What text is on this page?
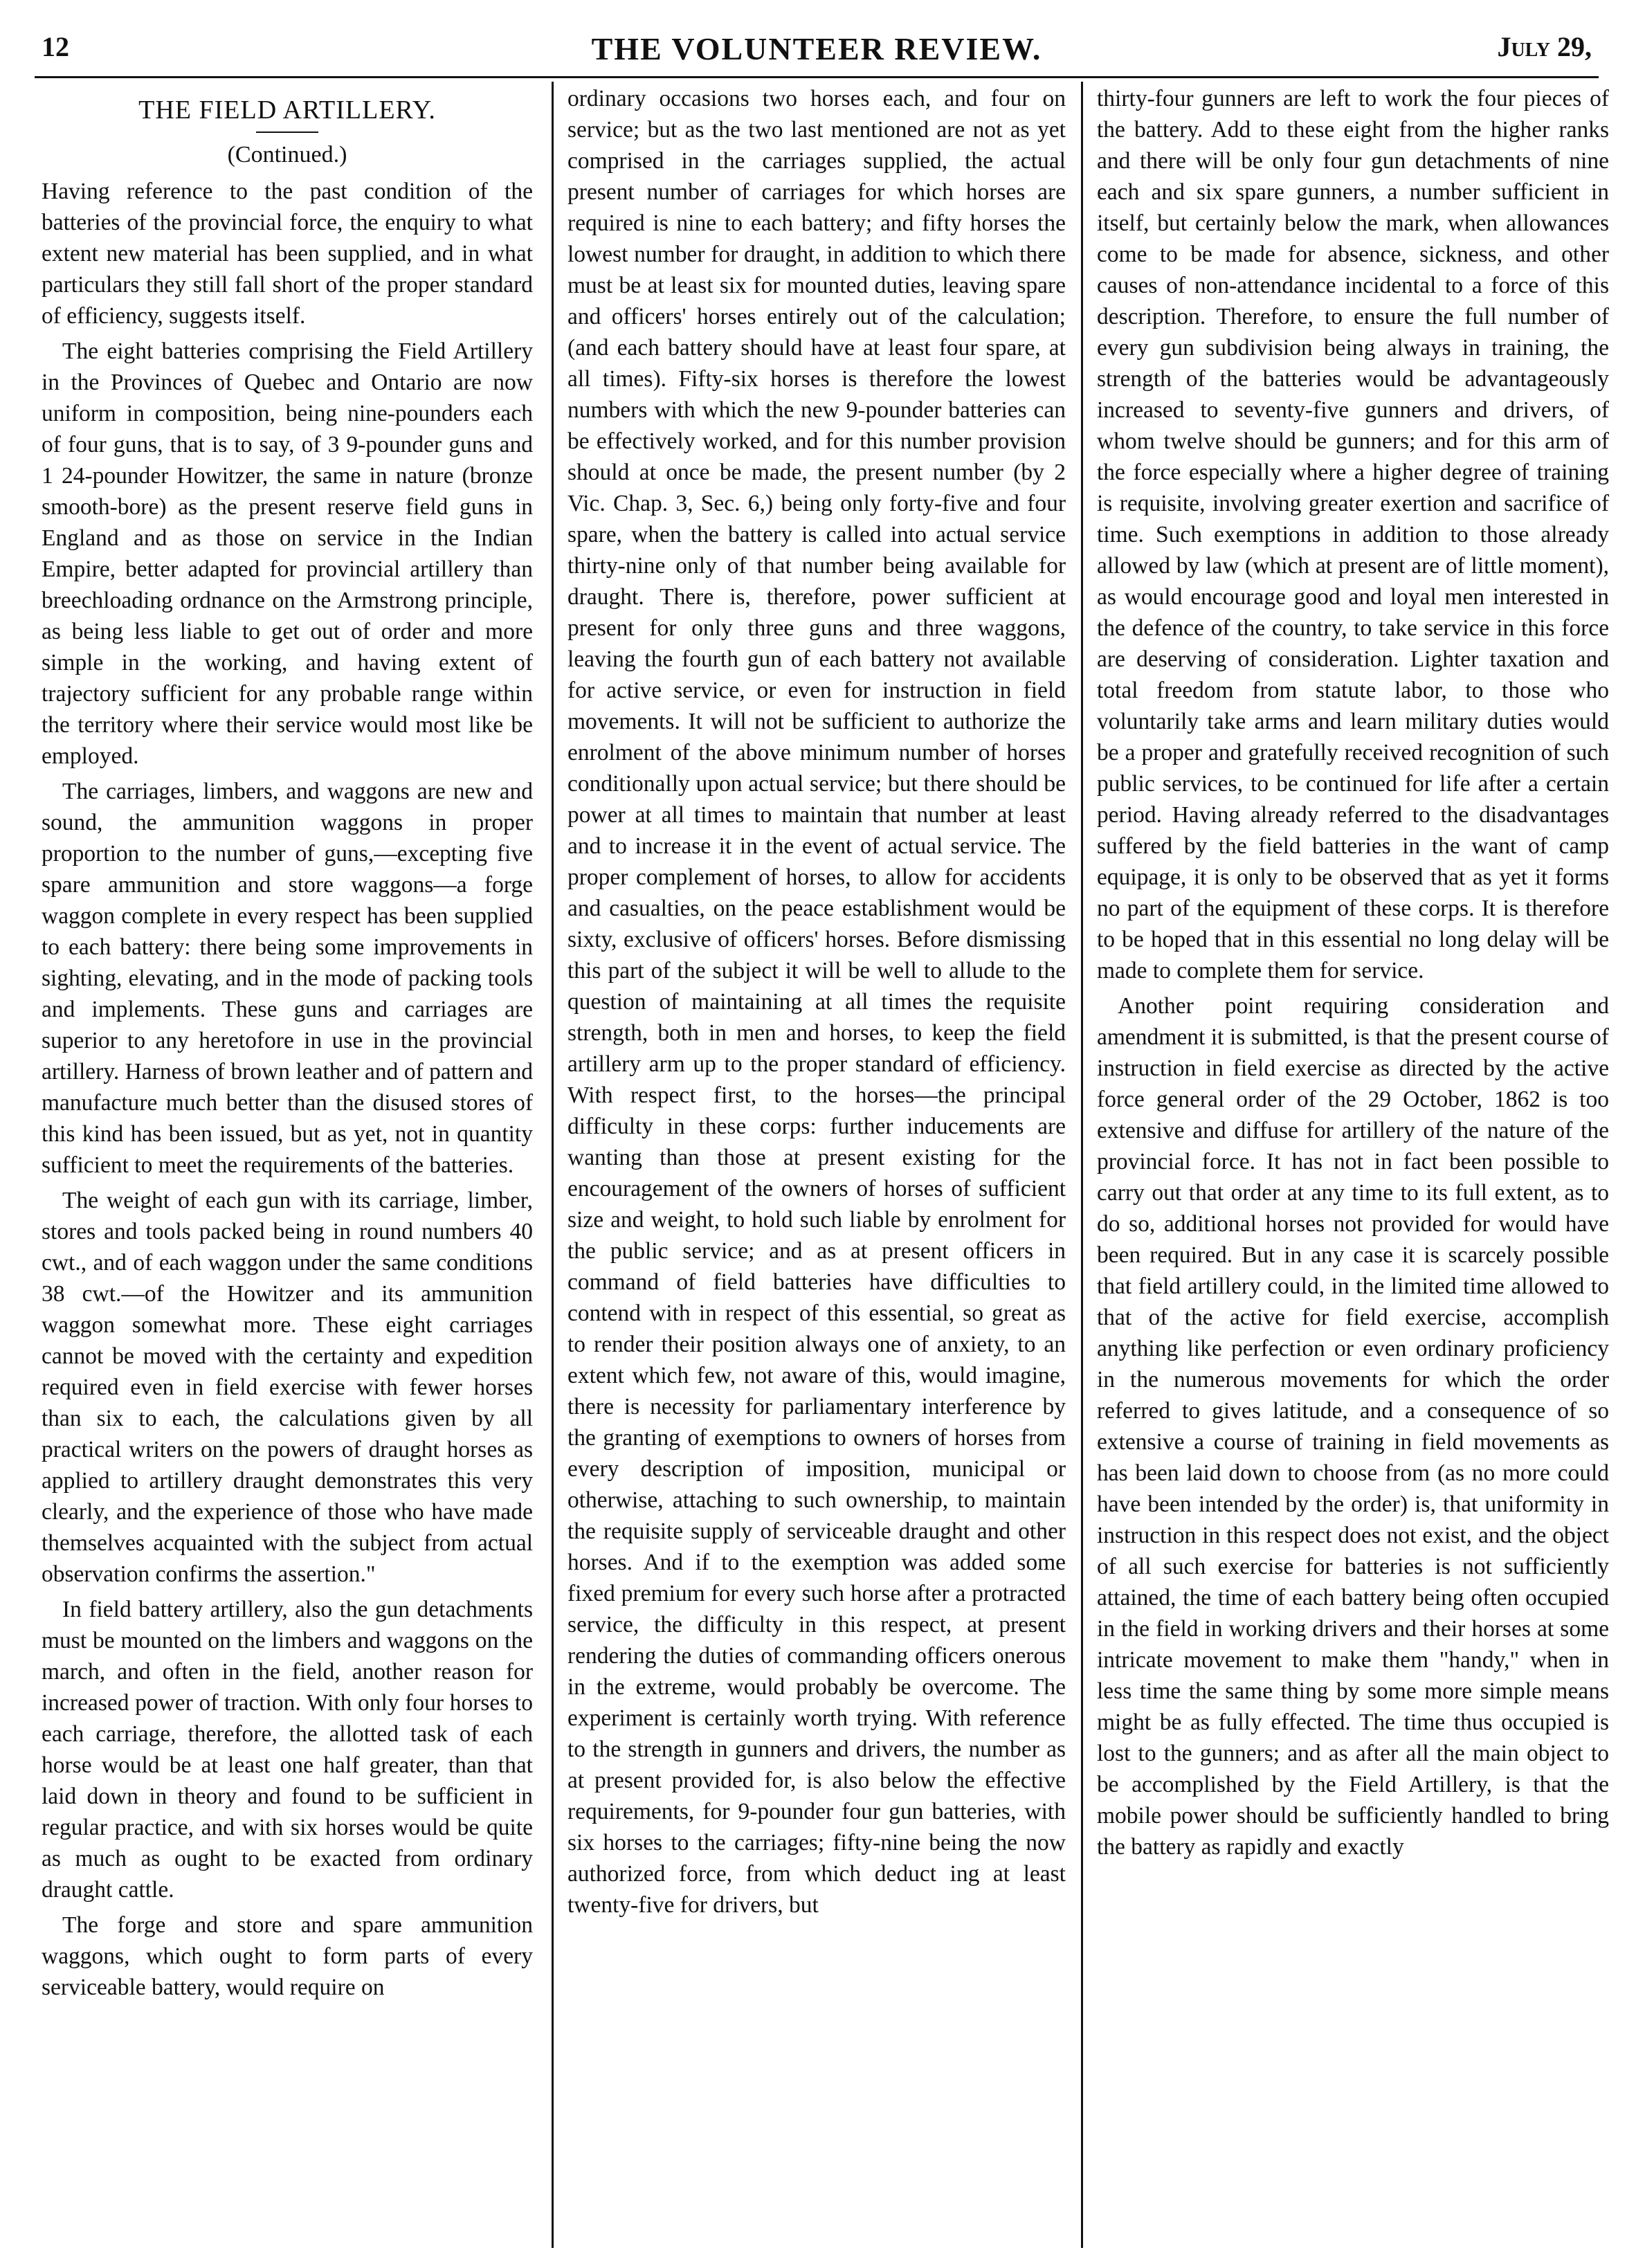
12	THE VOLUNTEER REVIEW.	July 29,
THE FIELD ARTILLERY.
(Continued.)

Having reference to the past condition of the batteries of the provincial force, the enquiry to what extent new material has been supplied, and in what particulars they still fall short of the proper standard of efficiency, suggests itself.

The eight batteries comprising the Field Artillery in the Provinces of Quebec and Ontario are now uniform in composition, being nine-pounders each of four guns, that is to say, of 3 9-pounder guns and 1 24-pounder Howitzer, the same in nature (bronze smooth-bore) as the present reserve field guns in England and as those on service in the Indian Empire, better adapted for provincial artillery than breechloading ordnance on the Armstrong principle, as being less liable to get out of order and more simple in the working, and having extent of trajectory sufficient for any probable range within the territory where their service would most like be employed.

The carriages, limbers, and waggons are new and sound, the ammunition waggons in proper proportion to the number of guns,—excepting five spare ammunition and store waggons—a forge waggon complete in every respect has been supplied to each battery: there being some improvements in sighting, elevating, and in the mode of packing tools and implements. These guns and carriages are superior to any heretofore in use in the provincial artillery. Harness of brown leather and of pattern and manufacture much better than the disused stores of this kind has been issued, but as yet, not in quantity sufficient to meet the requirements of the batteries.

The weight of each gun with its carriage, limber, stores and tools packed being in round numbers 40 cwt., and of each waggon under the same conditions 38 cwt.—of the Howitzer and its ammunition waggon somewhat more. These eight carriages cannot be moved with the certainty and expedition required even in field exercise with fewer horses than six to each, the calculations given by all practical writers on the powers of draught horses as applied to artillery draught demonstrates this very clearly, and the experience of those who have made themselves acquainted with the subject from actual observation confirms the assertion."

In field battery artillery, also the gun detachments must be mounted on the limbers and waggons on the march, and often in the field, another reason for increased power of traction. With only four horses to each carriage, therefore, the allotted task of each horse would be at least one half greater, than that laid down in theory and found to be sufficient in regular practice, and with six horses would be quite as much as ought to be exacted from ordinary draught cattle.

The forge and store and spare ammunition waggons, which ought to form parts of every serviceable battery, would require on

ordinary occasions two horses each, and four on service; but as the two last mentioned are not as yet comprised in the carriages supplied, the actual present number of carriages for which horses are required is nine to each battery; and fifty horses the lowest number for draught, in addition to which there must be at least six for mounted duties, leaving spare and officers' horses entirely out of the calculation; (and each battery should have at least four spare, at all times). Fifty-six horses is therefore the lowest numbers with which the new 9-pounder batteries can be effectively worked, and for this number provision should at once be made, the present number (by 2 Vic. Chap. 3, Sec. 6,) being only forty-five and four spare, when the battery is called into actual service thirty-nine only of that number being available for draught. There is, therefore, power sufficient at present for only three guns and three waggons, leaving the fourth gun of each battery not available for active service, or even for instruction in field movements. It will not be sufficient to authorize the enrolment of the above minimum number of horses conditionally upon actual service; but there should be power at all times to maintain that number at least and to increase it in the event of actual service. The proper complement of horses, to allow for accidents and casualties, on the peace establishment would be sixty, exclusive of officers' horses. Before dismissing this part of the subject it will be well to allude to the question of maintaining at all times the requisite strength, both in men and horses, to keep the field artillery arm up to the proper standard of efficiency. With respect first, to the horses—the principal difficulty in these corps: further inducements are wanting than those at present existing for the encouragement of the owners of horses of sufficient size and weight, to hold such liable by enrolment for the public service; and as at present officers in command of field batteries have difficulties to contend with in respect of this essential, so great as to render their position always one of anxiety, to an extent which few, not aware of this, would imagine, there is necessity for parliamentary interference by the granting of exemptions to owners of horses from every description of imposition, municipal or otherwise, attaching to such ownership, to maintain the requisite supply of serviceable draught and other horses. And if to the exemption was added some fixed premium for every such horse after a protracted service, the difficulty in this respect, at present rendering the duties of commanding officers onerous in the extreme, would probably be overcome. The experiment is certainly worth trying. With reference to the strength in gunners and drivers, the number as at present provided for, is also below the effective requirements, for 9-pounder four gun batteries, with six horses to the carriages; fifty-nine being the now authorized force, from which deduct ing at least twenty-five for drivers, but

thirty-four gunners are left to work the four pieces of the battery. Add to these eight from the higher ranks and there will be only four gun detachments of nine each and six spare gunners, a number sufficient in itself, but certainly below the mark, when allowances come to be made for absence, sickness, and other causes of non-attendance incidental to a force of this description. Therefore, to ensure the full number of every gun subdivision being always in training, the strength of the batteries would be advantageously increased to seventy-five gunners and drivers, of whom twelve should be gunners; and for this arm of the force especially where a higher degree of training is requisite, involving greater exertion and sacrifice of time. Such exemptions in addition to those already allowed by law (which at present are of little moment), as would encourage good and loyal men interested in the defence of the country, to take service in this force are deserving of consideration. Lighter taxation and total freedom from statute labor, to those who voluntarily take arms and learn military duties would be a proper and gratefully received recognition of such public services, to be continued for life after a certain period. Having already referred to the disadvantages suffered by the field batteries in the want of camp equipage, it is only to be observed that as yet it forms no part of the equipment of these corps. It is therefore to be hoped that in this essential no long delay will be made to complete them for service.

Another point requiring consideration and amendment it is submitted, is that the present course of instruction in field exercise as directed by the active force general order of the 29 October, 1862 is too extensive and diffuse for artillery of the nature of the provincial force. It has not in fact been possible to carry out that order at any time to its full extent, as to do so, additional horses not provided for would have been required. But in any case it is scarcely possible that field artillery could, in the limited time allowed to that of the active for field exercise, accomplish anything like perfection or even ordinary proficiency in the numerous movements for which the order referred to gives latitude, and a consequence of so extensive a course of training in field movements as has been laid down to choose from (as no more could have been intended by the order) is, that uniformity in instruction in this respect does not exist, and the object of all such exercise for batteries is not sufficiently attained, the time of each battery being often occupied in the field in working drivers and their horses at some intricate movement to make them "handy," when in less time the same thing by some more simple means might be as fully effected. The time thus occupied is lost to the gunners; and as after all the main object to be accomplished by the Field Artillery, is that the mobile power should be sufficiently handled to bring the battery as rapidly and exactly
